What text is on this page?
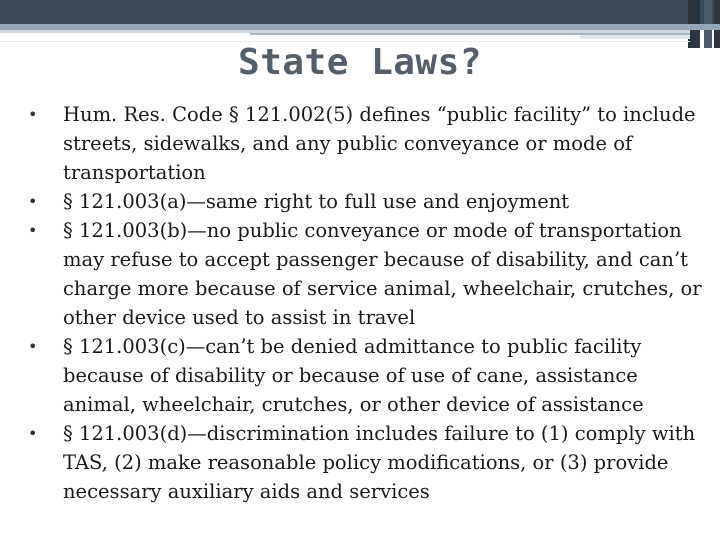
State Laws?
• Hum. Res. Code § 121.002(5) defines “public facility” to include streets, sidewalks, and any public conveyance or mode of transportation
• § 121.003(a)—same right to full use and enjoyment
• § 121.003(b)—no public conveyance or mode of transportation may refuse to accept passenger because of disability, and can’t charge more because of service animal, wheelchair, crutches, or other device used to assist in travel
• § 121.003(c)—can’t be denied admittance to public facility because of disability or because of use of cane, assistance animal, wheelchair, crutches, or other device of assistance
• § 121.003(d)—discrimination includes failure to (1) comply with TAS, (2) make reasonable policy modifications, or (3) provide necessary auxiliary aids and services
